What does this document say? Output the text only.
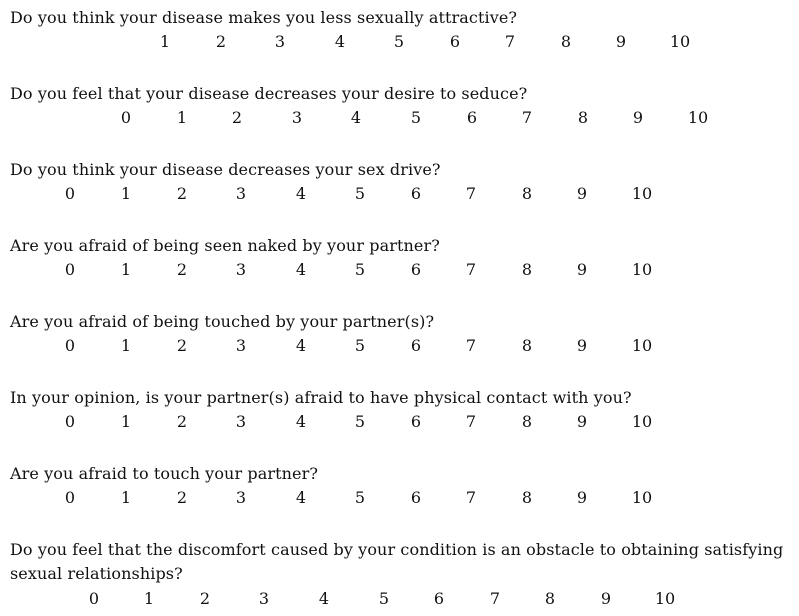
Do you think your disease makes you less sexually attractive?
1	2	3	4	5	6	7	8	9	10
Do you feel that your disease decreases your desire to seduce?
0	1	2	3	4	5	6	7	8	9	10
Do you think your disease decreases your sex drive?
0	1	2	3	4	5	6	7	8	9	10
Are you afraid of being seen naked by your partner?
0	1	2	3	4	5	6	7	8	9	10
Are you afraid of being touched by your partner(s)?
0	1	2	3	4	5	6	7	8	9	10
In your opinion, is your partner(s) afraid to have physical contact with you?
0	1	2	3	4	5	6	7	8	9	10
Are you afraid to touch your partner?
0	1	2	3	4	5	6	7	8	9	10
Do you feel that the discomfort caused by your condition is an obstacle to obtaining satisfying sexual relationships?
0	1	2	3	4	5	6	7	8	9	10
